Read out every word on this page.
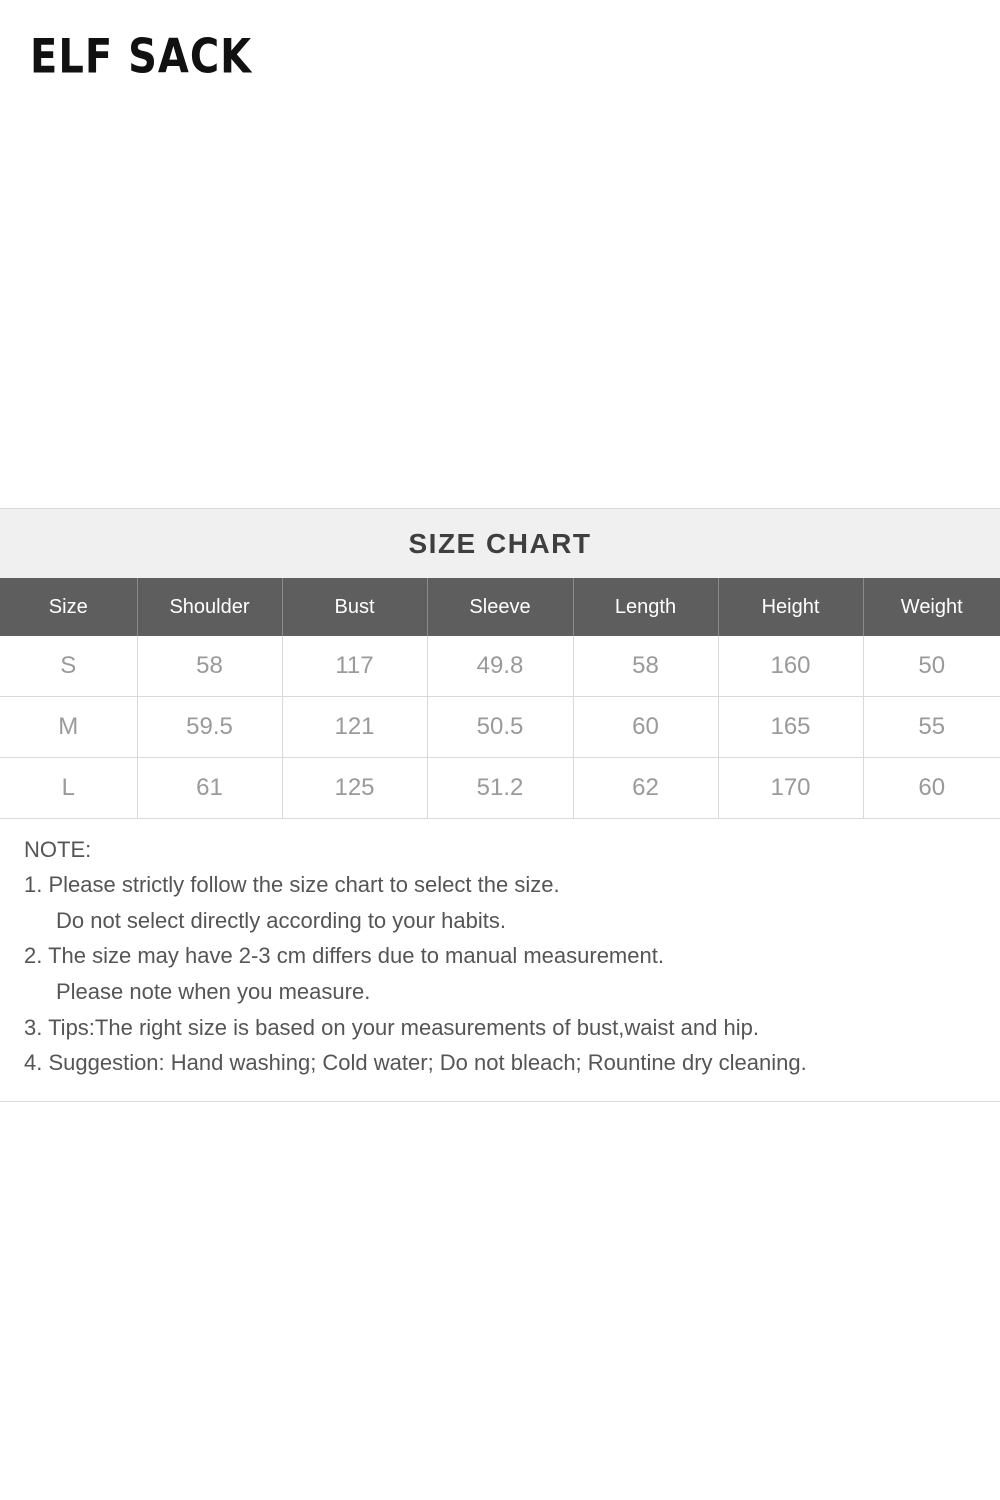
ELF SACK
SIZE CHART
Size	Shoulder	Bust	Sleeve	Length	Height	Weight
S	58	117	49.8	58	160	50
M	59.5	121	50.5	60	165	55
L	61	125	51.2	62	170	60
NOTE:
1. Please strictly follow the size chart to select the size.
Do not select directly according to your habits.
2. The size may have 2-3 cm differs due to manual measurement.
Please note when you measure.
3. Tips:The right size is based on your measurements of bust,waist and hip.
4. Suggestion: Hand washing; Cold water; Do not bleach; Rountine dry cleaning.
